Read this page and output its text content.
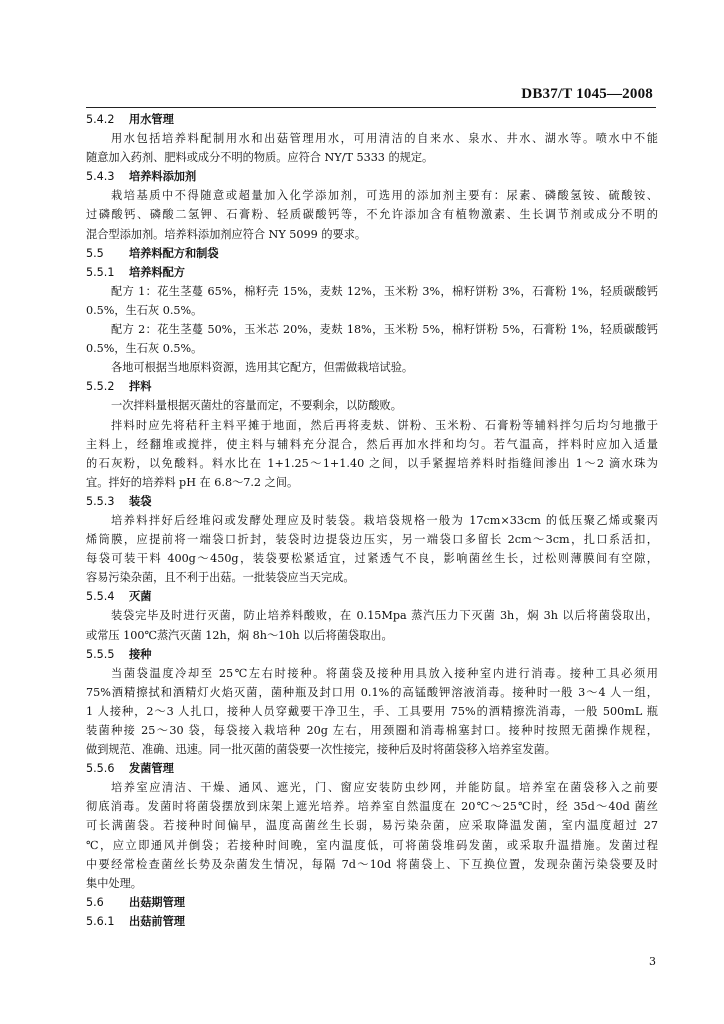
DB37/T 1045—2008
5.4.2 用水管理
用水包括培养料配制用水和出菇管理用水，可用清洁的自来水、泉水、井水、湖水等。喷水中不能
随意加入药剂、肥料或成分不明的物质。应符合 NY/T 5333 的规定。
5.4.3 培养料添加剂
栽培基质中不得随意或超量加入化学添加剂，可选用的添加剂主要有：尿素、磷酸氢铵、硫酸铵、
过磷酸钙、磷酸二氢钾、石膏粉、轻质碳酸钙等，不允许添加含有植物激素、生长调节剂或成分不明的
混合型添加剂。培养料添加剂应符合 NY 5099 的要求。
5.5 培养料配方和制袋
5.5.1 培养料配方
配方 1：花生茎蔓 65%，棉籽壳 15%，麦麸 12%，玉米粉 3%，棉籽饼粉 3%，石膏粉 1%，轻质碳酸钙
0.5%，生石灰 0.5%。
配方 2：花生茎蔓 50%，玉米芯 20%，麦麸 18%，玉米粉 5%，棉籽饼粉 5%，石膏粉 1%，轻质碳酸钙
0.5%，生石灰 0.5%。
各地可根据当地原料资源，选用其它配方，但需做栽培试验。
5.5.2 拌料
一次拌料量根据灭菌灶的容量而定，不要剩余，以防酸败。
拌料时应先将秸秆主料平摊于地面，然后再将麦麸、饼粉、玉米粉、石膏粉等辅料拌匀后均匀地撒于
主料上，经翻堆或搅拌，使主料与辅料充分混合，然后再加水拌和均匀。若气温高，拌料时应加入适量
的石灰粉，以免酸料。料水比在 1+1.25～1+1.40 之间，以手紧握培养料时指缝间渗出 1～2 滴水珠为
宜。拌好的培养料 pH 在 6.8～7.2 之间。
5.5.3 装袋
培养料拌好后经堆闷或发酵处理应及时装袋。栽培袋规格一般为 17cm×33cm 的低压聚乙烯或聚丙
烯筒膜，应提前将一端袋口折封，装袋时边提袋边压实，另一端袋口多留长 2cm～3cm，扎口系活扣，
每袋可装干料 400g～450g，装袋要松紧适宜，过紧透气不良，影响菌丝生长，过松则薄膜间有空隙，
容易污染杂菌，且不利于出菇。一批装袋应当天完成。
5.5.4 灭菌
装袋完毕及时进行灭菌，防止培养料酸败，在 0.15Mpa 蒸汽压力下灭菌 3h，焖 3h 以后将菌袋取出，
或常压 100℃蒸汽灭菌 12h，焖 8h～10h 以后将菌袋取出。
5.5.5 接种
当菌袋温度冷却至 25℃左右时接种。将菌袋及接种用具放入接种室内进行消毒。接种工具必须用
75%酒精擦拭和酒精灯火焰灭菌，菌种瓶及封口用 0.1%的高锰酸钾溶液消毒。接种时一般 3～4 人一组，
1 人接种，2～3 人扎口，接种人员穿戴要干净卫生，手、工具要用 75%的酒精擦洗消毒，一般 500mL 瓶
装菌种接 25～30 袋，每袋接入栽培种 20g 左右，用颈圈和消毒棉塞封口。接种时按照无菌操作规程，
做到规范、准确、迅速。同一批灭菌的菌袋要一次性接完，接种后及时将菌袋移入培养室发菌。
5.5.6 发菌管理
培养室应清洁、干燥、通风、遮光，门、窗应安装防虫纱网，并能防鼠。培养室在菌袋移入之前要
彻底消毒。发菌时将菌袋摆放到床架上遮光培养。培养室自然温度在 20℃～25℃时，经 35d～40d 菌丝
可长满菌袋。若接种时间偏早，温度高菌丝生长弱，易污染杂菌，应采取降温发菌，室内温度超过 27
℃，应立即通风并倒袋；若接种时间晚，室内温度低，可将菌袋堆码发菌，或采取升温措施。发菌过程
中要经常检查菌丝长势及杂菌发生情况，每隔 7d～10d 将菌袋上、下互换位置，发现杂菌污染袋要及时
集中处理。
5.6 出菇期管理
5.6.1 出菇前管理
3
